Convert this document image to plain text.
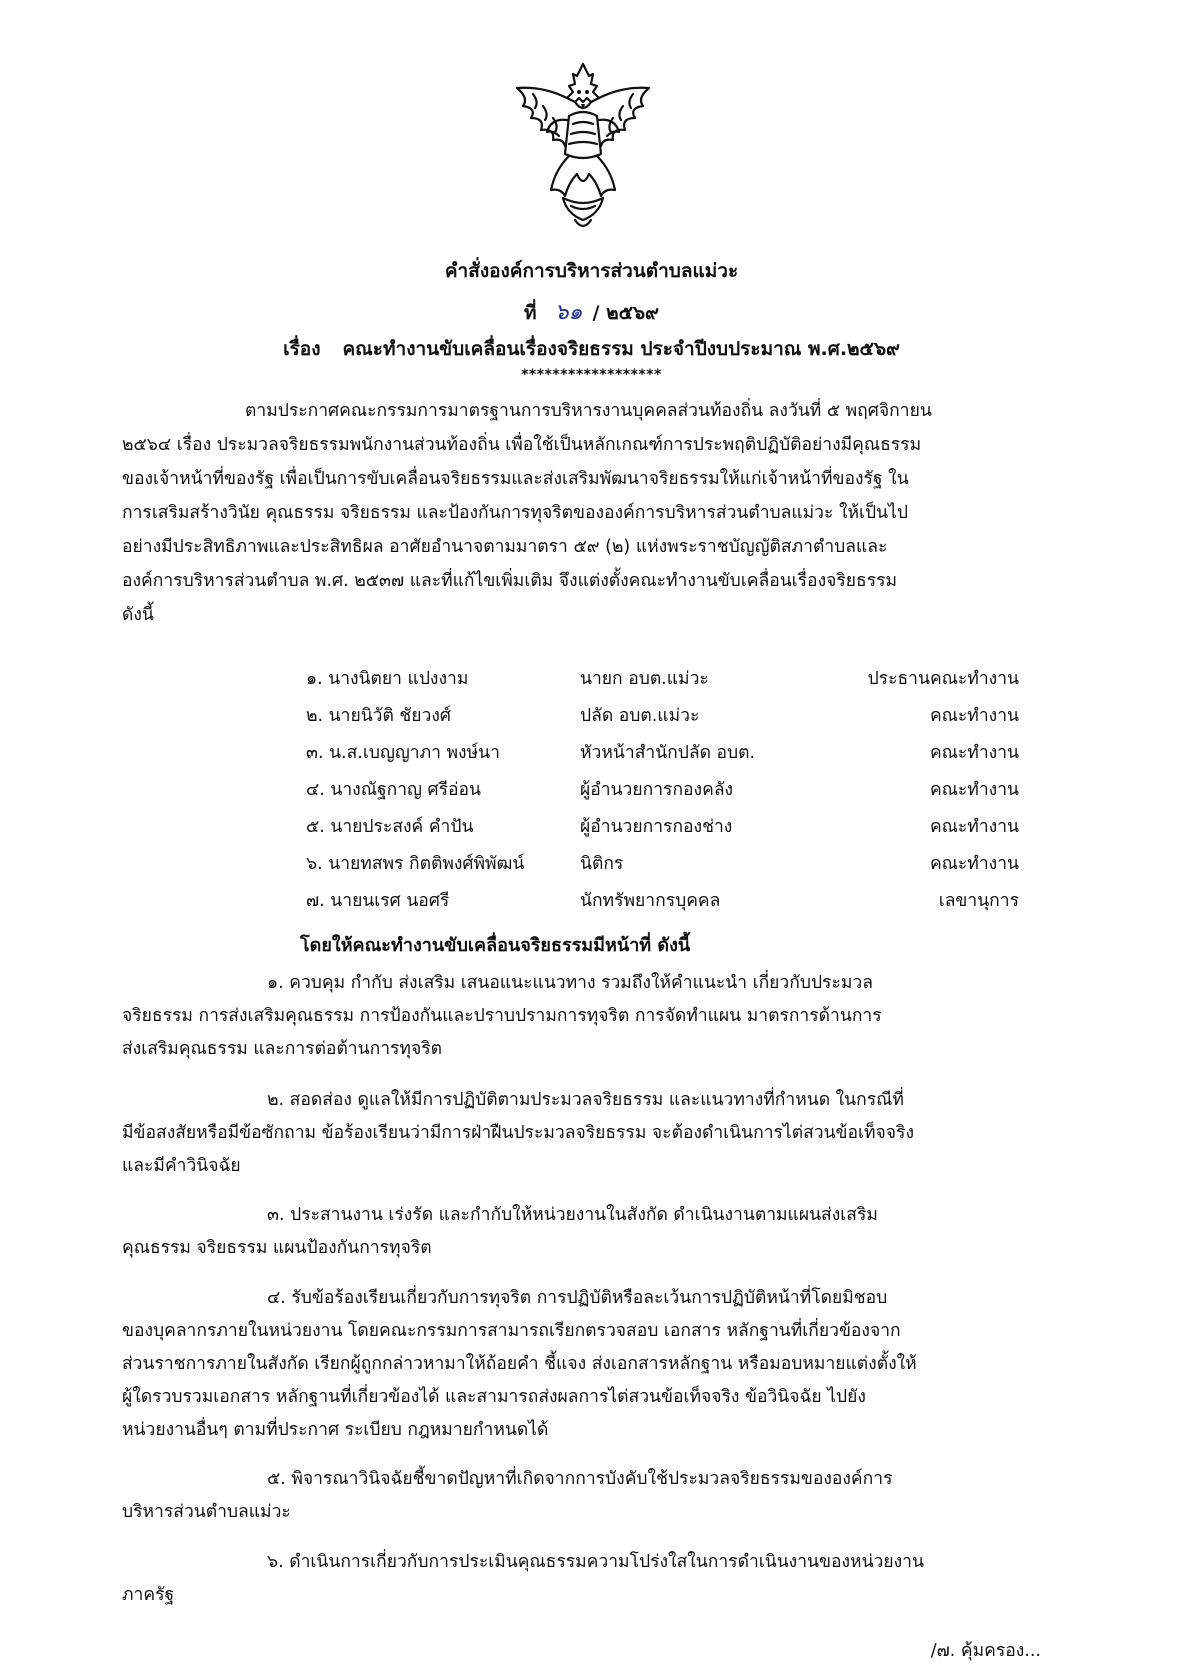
คำสั่งองค์การบริหารส่วนตำบลแม่วะ
ที่ ๖๑ / ๒๕๖๙
เรื่อง คณะทำงานขับเคลื่อนเรื่องจริยธรรม ประจำปีงบประมาณ พ.ศ.๒๕๖๙
******************
ตามประกาศคณะกรรมการมาตรฐานการบริหารงานบุคคลส่วนท้องถิ่น ลงวันที่ ๕ พฤศจิกายน
๒๕๖๔ เรื่อง ประมวลจริยธรรมพนักงานส่วนท้องถิ่น เพื่อใช้เป็นหลักเกณฑ์การประพฤติปฏิบัติอย่างมีคุณธรรม
ของเจ้าหน้าที่ของรัฐ เพื่อเป็นการขับเคลื่อนจริยธรรมและส่งเสริมพัฒนาจริยธรรมให้แก่เจ้าหน้าที่ของรัฐ ใน
การเสริมสร้างวินัย คุณธรรม จริยธรรม และป้องกันการทุจริตขององค์การบริหารส่วนตำบลแม่วะ ให้เป็นไป
อย่างมีประสิทธิภาพและประสิทธิผล อาศัยอำนาจตามมาตรา ๕๙ (๒) แห่งพระราชบัญญัติสภาตำบลและ
องค์การบริหารส่วนตำบล พ.ศ. ๒๕๓๗ และที่แก้ไขเพิ่มเติม จึงแต่งตั้งคณะทำงานขับเคลื่อนเรื่องจริยธรรม
ดังนี้
๑. นางนิตยา แปงงาม	นายก อบต.แม่วะ	ประธานคณะทำงาน
๒. นายนิวัติ ชัยวงศ์	ปลัด อบต.แม่วะ	คณะทำงาน
๓. น.ส.เบญญาภา พงษ์นา	หัวหน้าสำนักปลัด อบต.	คณะทำงาน
๔. นางณัฐกาญ ศรีอ่อน	ผู้อำนวยการกองคลัง	คณะทำงาน
๕. นายประสงค์ คำปัน	ผู้อำนวยการกองช่าง	คณะทำงาน
๖. นายทสพร กิตติพงศ์พิพัฒน์	นิติกร	คณะทำงาน
๗. นายนเรศ นอศรี	นักทรัพยากรบุคคล	เลขานุการ
โดยให้คณะทำงานขับเคลื่อนจริยธรรมมีหน้าที่ ดังนี้
๑. ควบคุม กำกับ ส่งเสริม เสนอแนะแนวทาง รวมถึงให้คำแนะนำ เกี่ยวกับประมวล
จริยธรรม การส่งเสริมคุณธรรม การป้องกันและปราบปรามการทุจริต การจัดทำแผน มาตรการด้านการ
ส่งเสริมคุณธรรม และการต่อต้านการทุจริต
๒. สอดส่อง ดูแลให้มีการปฏิบัติตามประมวลจริยธรรม และแนวทางที่กำหนด ในกรณีที่
มีข้อสงสัยหรือมีข้อซักถาม ข้อร้องเรียนว่ามีการฝ่าฝืนประมวลจริยธรรม จะต้องดำเนินการไต่สวนข้อเท็จจริง
และมีคำวินิจฉัย
๓. ประสานงาน เร่งรัด และกำกับให้หน่วยงานในสังกัด ดำเนินงานตามแผนส่งเสริม
คุณธรรม จริยธรรม แผนป้องกันการทุจริต
๔. รับข้อร้องเรียนเกี่ยวกับการทุจริต การปฏิบัติหรือละเว้นการปฏิบัติหน้าที่โดยมิชอบ
ของบุคลากรภายในหน่วยงาน โดยคณะกรรมการสามารถเรียกตรวจสอบ เอกสาร หลักฐานที่เกี่ยวข้องจาก
ส่วนราชการภายในสังกัด เรียกผู้ถูกกล่าวหามาให้ถ้อยคำ ชี้แจง ส่งเอกสารหลักฐาน หรือมอบหมายแต่งตั้งให้
ผู้ใดรวบรวมเอกสาร หลักฐานที่เกี่ยวข้องได้ และสามารถส่งผลการไต่สวนข้อเท็จจริง ข้อวินิจฉัย ไปยัง
หน่วยงานอื่นๆ ตามที่ประกาศ ระเบียบ กฎหมายกำหนดได้
๕. พิจารณาวินิจฉัยชี้ขาดปัญหาที่เกิดจากการบังคับใช้ประมวลจริยธรรมขององค์การ
บริหารส่วนตำบลแม่วะ
๖. ดำเนินการเกี่ยวกับการประเมินคุณธรรมความโปร่งใสในการดำเนินงานของหน่วยงาน
ภาครัฐ
/๗. คุ้มครอง...
